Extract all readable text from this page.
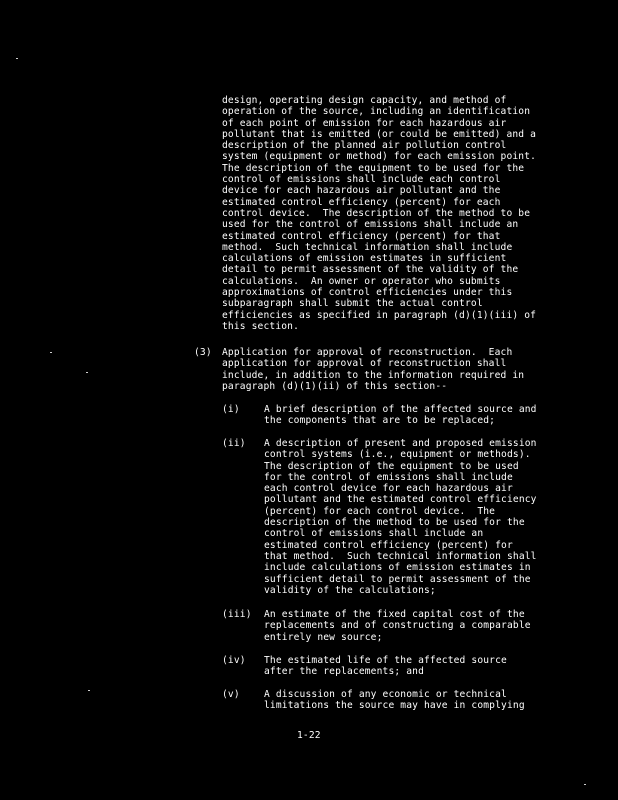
design, operating design capacity, and method of
operation of the source, including an identification
of each point of emission for each hazardous air
pollutant that is emitted (or could be emitted) and a
description of the planned air pollution control
system (equipment or method) for each emission point.
The description of the equipment to be used for the
control of emissions shall include each control
device for each hazardous air pollutant and the
estimated control efficiency (percent) for each
control device.  The description of the method to be
used for the control of emissions shall include an
estimated control efficiency (percent) for that
method.  Such technical information shall include
calculations of emission estimates in sufficient
detail to permit assessment of the validity of the
calculations.  An owner or operator who submits
approximations of control efficiencies under this
subparagraph shall submit the actual control
efficiencies as specified in paragraph (d)(1)(iii) of
this section.
(3) Application for approval of reconstruction.  Each
application for approval of reconstruction shall
include, in addition to the information required in
paragraph (d)(1)(ii) of this section--
(i)	A brief description of the affected source and
the components that are to be replaced;
(ii) A description of present and proposed emission
control systems (i.e., equipment or methods).
The description of the equipment to be used
for the control of emissions shall include
each control device for each hazardous air
pollutant and the estimated control efficiency
(percent) for each control device.  The
description of the method to be used for the
control of emissions shall include an
estimated control efficiency (percent) for
that method.  Such technical information shall
include calculations of emission estimates in
sufficient detail to permit assessment of the
validity of the calculations;
(iii) An estimate of the fixed capital cost of the
replacements and of constructing a comparable
entirely new source;
(iv) The estimated life of the affected source
after the replacements; and
(v)	A discussion of any economic or technical
limitations the source may have in complying
1-22
